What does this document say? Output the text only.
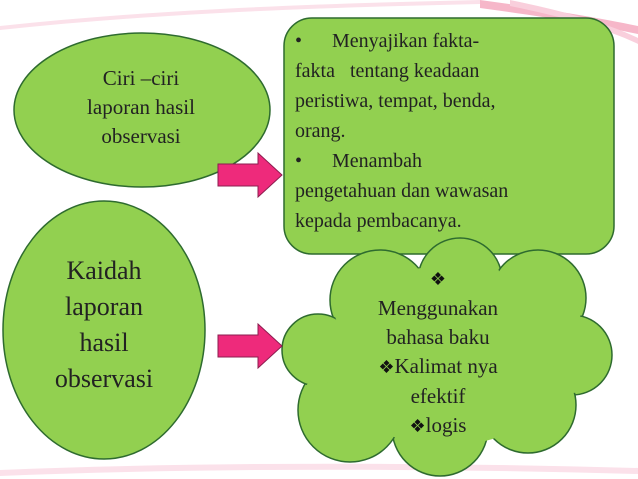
Ciri –ciri
laporan hasil
observasi
Kaidah
laporan
hasil
observasi
•      Menyajikan fakta-
fakta   tentang keadaan
peristiwa, tempat, benda,
orang.
•      Menambah
pengetahuan dan wawasan
kepada pembacanya.
❖
Menggunakan
bahasa baku
❖Kalimat nya
efektif
❖logis
